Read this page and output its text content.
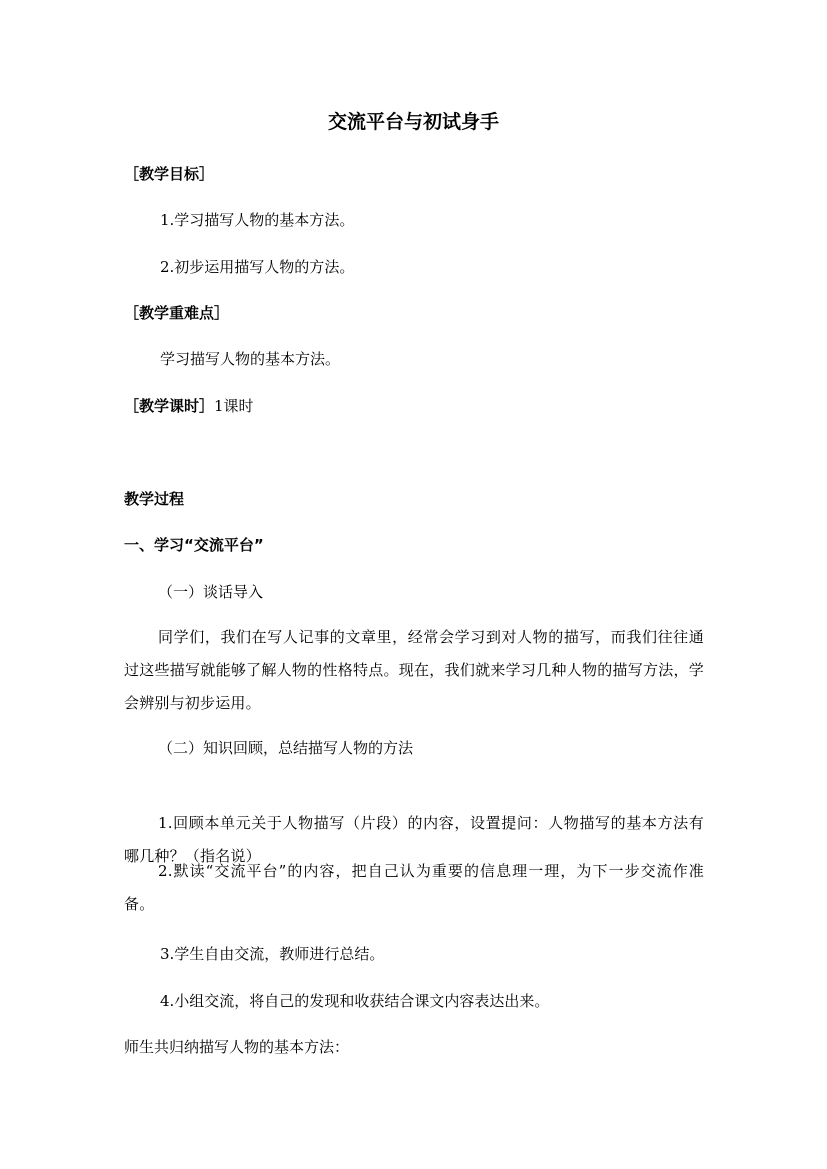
交流平台与初试身手
［教学目标］
1.学习描写人物的基本方法。
2.初步运用描写人物的方法。
［教学重难点］
学习描写人物的基本方法。
［教学课时］1课时
教学过程
一、学习“交流平台”
（一）谈话导入
同学们，我们在写人记事的文章里，经常会学习到对人物的描写，而我们往往通过这些描写就能够了解人物的性格特点。现在，我们就来学习几种人物的描写方法，学会辨别与初步运用。
（二）知识回顾，总结描写人物的方法
1.回顾本单元关于人物描写（片段）的内容，设置提问：人物描写的基本方法有哪几种？（指名说）
2.默读“交流平台”的内容，把自己认为重要的信息理一理，为下一步交流作准备。
3.学生自由交流，教师进行总结。
4.小组交流，将自己的发现和收获结合课文内容表达出来。
师生共归纳描写人物的基本方法：
